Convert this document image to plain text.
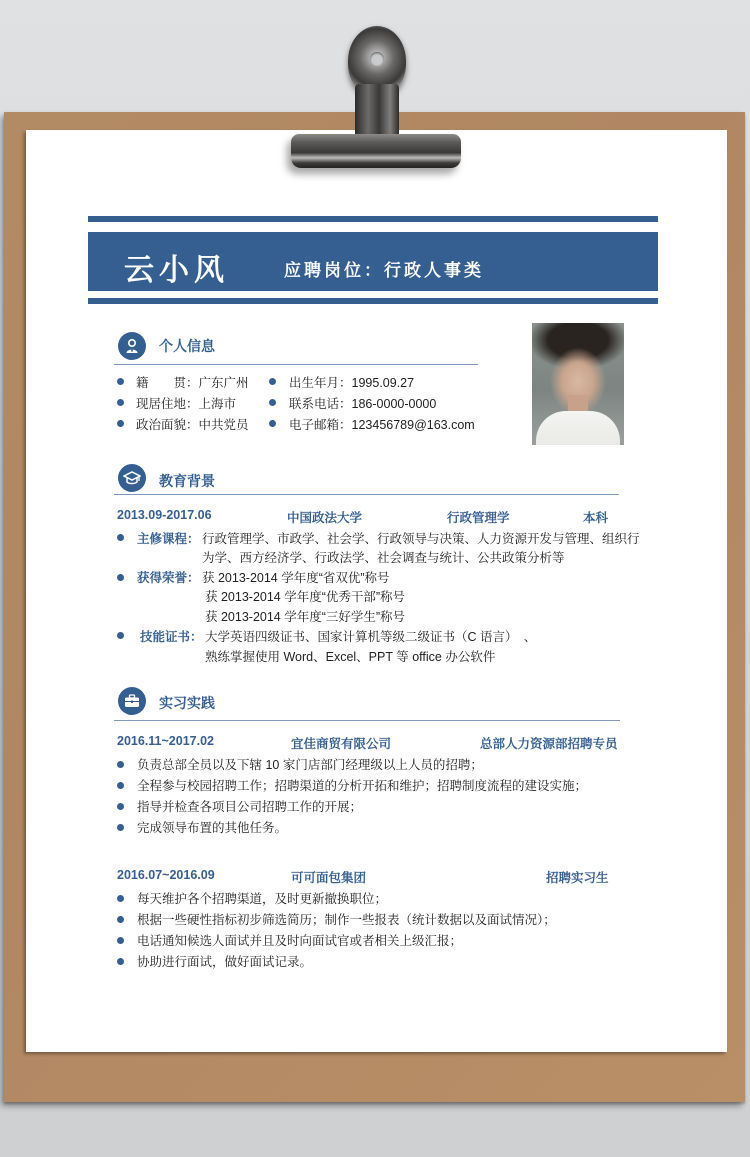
云小风	应聘岗位：行政人事类
个人信息
籍　　贯：广东广州
现居住地：上海市
政治面貌：中共党员
出生年月：1995.09.27
联系电话：186-0000-0000
电子邮箱：123456789@163.com
教育背景
2013.09-2017.06	中国政法大学	行政管理学	本科
主修课程： 行政管理学、市政学、社会学、行政领导与决策、人力资源开发与管理、组织行
为学、西方经济学、行政法学、社会调查与统计、公共政策分析等
获得荣誉： 获 2013-2014 学年度“省双优”称号
获 2013-2014 学年度“优秀干部”称号
获 2013-2014 学年度“三好学生”称号
技能证书： 大学英语四级证书、国家计算机等级二级证书（C 语言）　、
熟练掌握使用 Word、Excel、PPT 等 office 办公软件
实习实践
2016.11~2017.02	宜佳商贸有限公司	总部人力资源部招聘专员
负责总部全员以及下辖 10 家门店部门经理级以上人员的招聘；
全程参与校园招聘工作；招聘渠道的分析开拓和维护；招聘制度流程的建设实施；
指导并检查各项目公司招聘工作的开展；
完成领导布置的其他任务。
2016.07~2016.09	可可面包集团	招聘实习生
每天维护各个招聘渠道，及时更新撤换职位；
根据一些硬性指标初步筛选简历；制作一些报表（统计数据以及面试情况）；
电话通知候选人面试并且及时向面试官或者相关上级汇报；
协助进行面试，做好面试记录。
